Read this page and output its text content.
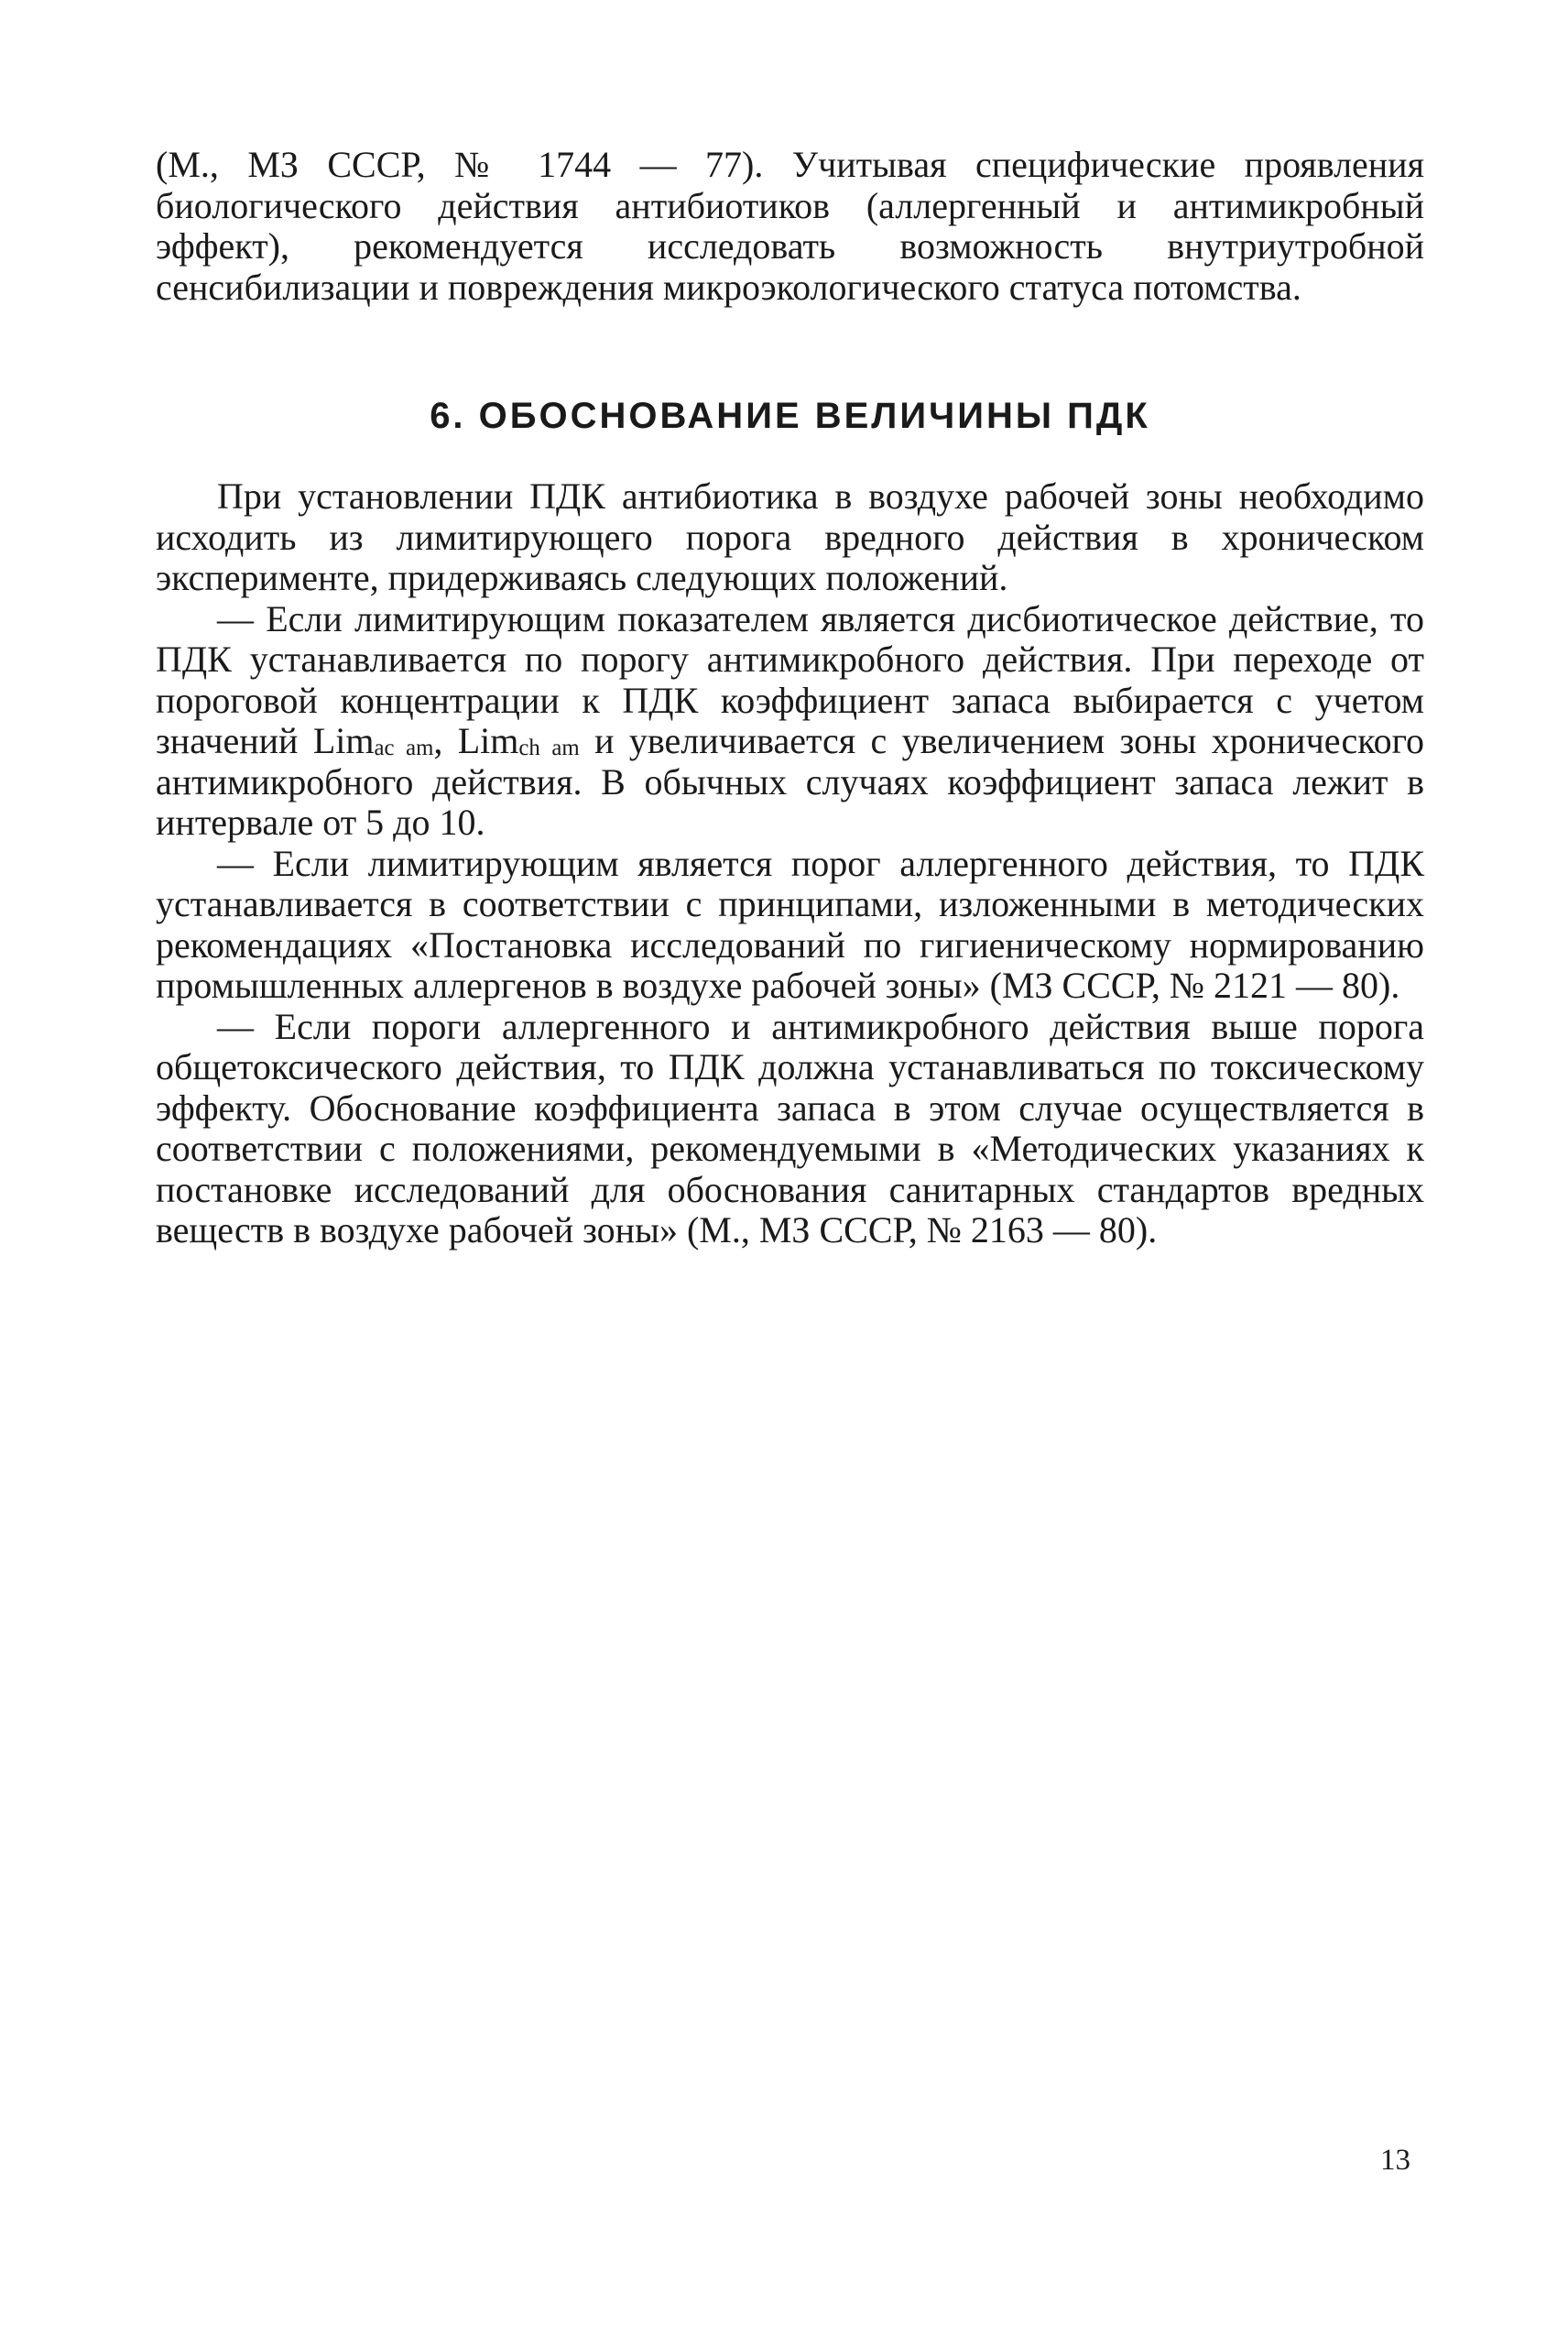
(М., МЗ СССР, № 1744 — 77). Учитывая специфические проявления биологического действия антибиотиков (аллергенный и антимикробный эффект), рекомендуется исследовать возможность внутриутробной сенсибилизации и повреждения микроэкологического статуса потомства.

6. ОБОСНОВАНИЕ ВЕЛИЧИНЫ ПДК

При установлении ПДК антибиотика в воздухе рабочей зоны необходимо исходить из лимитирующего порога вредного действия в хроническом эксперименте, придерживаясь следующих положений.

— Если лимитирующим показателем является дисбиотическое действие, то ПДК устанавливается по порогу антимикробного действия. При переходе от пороговой концентрации к ПДК коэффициент запаса выбирается с учетом значений Limac am, Limch am и увеличивается с увеличением зоны хронического антимикробного действия. В обычных случаях коэффициент запаса лежит в интервале от 5 до 10.

— Если лимитирующим является порог аллергенного действия, то ПДК устанавливается в соответствии с принципами, изложенными в методических рекомендациях «Постановка исследований по гигиеническому нормированию промышленных аллергенов в воздухе рабочей зоны» (МЗ СССР, № 2121 — 80).

— Если пороги аллергенного и антимикробного действия выше порога общетоксического действия, то ПДК должна устанавливаться по токсическому эффекту. Обоснование коэффициента запаса в этом случае осуществляется в соответствии с положениями, рекомендуемыми в «Методических указаниях к постановке исследований для обоснования санитарных стандартов вредных веществ в воздухе рабочей зоны» (М., МЗ СССР, № 2163 — 80).

13
